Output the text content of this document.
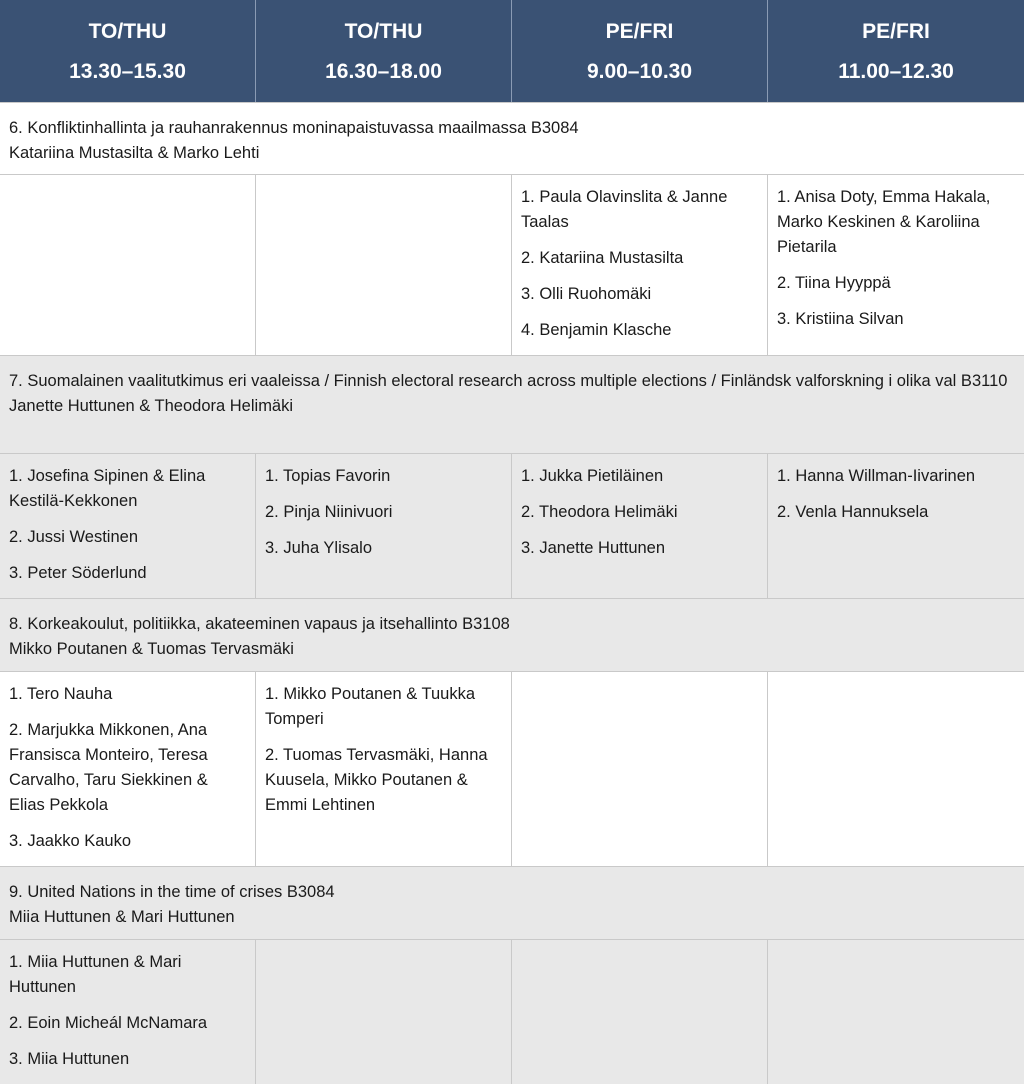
TO/THU
13.30–15.30
TO/THU
16.30–18.00
PE/FRI
9.00–10.30
PE/FRI
11.00–12.30
6. Konfliktinhallinta ja rauhanrakennus moninapaistuvassa maailmassa B3084
Katariina Mustasilta & Marko Lehti
1. Paula Olavinslita & Janne Taalas
2. Katariina Mustasilta
3. Olli Ruohomäki
4. Benjamin Klasche
1. Anisa Doty, Emma Hakala, Marko Keskinen & Karoliina Pietarila
2. Tiina Hyyppä
3. Kristiina Silvan
7. Suomalainen vaalitutkimus eri vaaleissa / Finnish electoral research across multiple elections / Finländsk valforskning i olika val B3110
Janette Huttunen & Theodora Helimäki
1. Josefina Sipinen & Elina Kestilä-Kekkonen
2. Jussi Westinen
3. Peter Söderlund
1. Topias Favorin
2. Pinja Niinivuori
3. Juha Ylisalo
1. Jukka Pietiläinen
2. Theodora Helimäki
3. Janette Huttunen
1. Hanna Willman-Iivarinen
2. Venla Hannuksela
8. Korkeakoulut, politiikka, akateeminen vapaus ja itsehallinto B3108
Mikko Poutanen & Tuomas Tervasmäki
1. Tero Nauha
2. Marjukka Mikkonen, Ana Fransisca Monteiro, Teresa Carvalho, Taru Siekkinen & Elias Pekkola
3. Jaakko Kauko
1. Mikko Poutanen & Tuukka Tomperi
2. Tuomas Tervasmäki, Hanna Kuusela, Mikko Poutanen & Emmi Lehtinen
9. United Nations in the time of crises B3084
Miia Huttunen & Mari Huttunen
1. Miia Huttunen & Mari Huttunen
2. Eoin Micheál McNamara
3. Miia Huttunen
